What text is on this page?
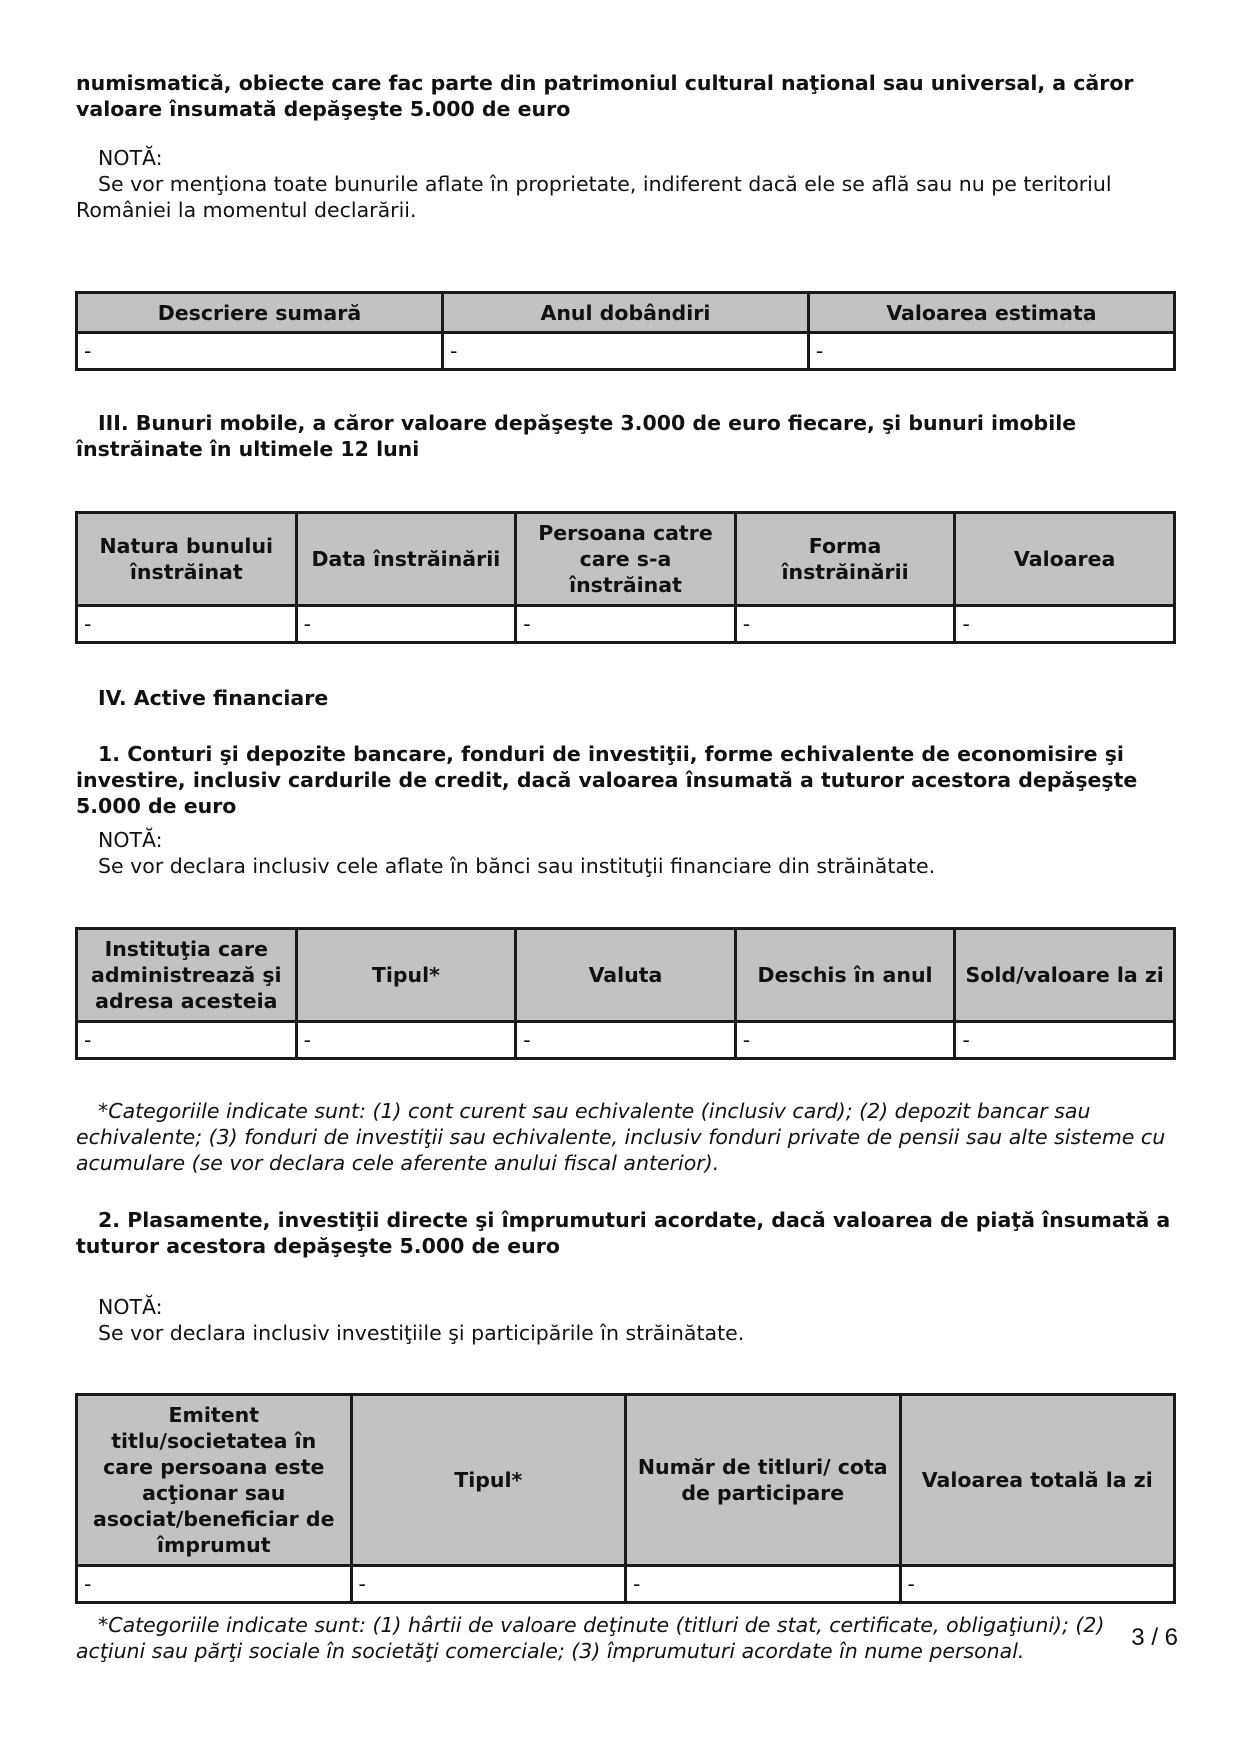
numismatică, obiecte care fac parte din patrimoniul cultural naţional sau universal, a căror valoare însumată depăşeşte 5.000 de euro
NOTĂ:
Se vor menţiona toate bunurile aflate în proprietate, indiferent dacă ele se află sau nu pe teritoriul României la momentul declarării.
Descriere sumară	Anul dobândiri	Valoarea estimata
-	-	-
III. Bunuri mobile, a căror valoare depăşeşte 3.000 de euro fiecare, şi bunuri imobile înstrăinate în ultimele 12 luni
Natura bunului înstrăinat	Data înstrăinării	Persoana catre care s-a înstrăinat	Forma înstrăinării	Valoarea
-	-	-	-	-
IV. Active financiare
1. Conturi şi depozite bancare, fonduri de investiţii, forme echivalente de economisire şi investire, inclusiv cardurile de credit, dacă valoarea însumată a tuturor acestora depăşeşte 5.000 de euro
NOTĂ:
Se vor declara inclusiv cele aflate în bănci sau instituţii financiare din străinătate.
Instituţia care administrează şi adresa acesteia	Tipul*	Valuta	Deschis în anul	Sold/valoare la zi
-	-	-	-	-
*Categoriile indicate sunt: (1) cont curent sau echivalente (inclusiv card); (2) depozit bancar sau echivalente; (3) fonduri de investiţii sau echivalente, inclusiv fonduri private de pensii sau alte sisteme cu acumulare (se vor declara cele aferente anului fiscal anterior).
2. Plasamente, investiţii directe şi împrumuturi acordate, dacă valoarea de piaţă însumată a tuturor acestora depăşeşte 5.000 de euro
NOTĂ:
Se vor declara inclusiv investiţiile şi participările în străinătate.
Emitent titlu/societatea în care persoana este acţionar sau asociat/beneficiar de împrumut	Tipul*	Număr de titluri/ cota de participare	Valoarea totală la zi
-	-	-	-
*Categoriile indicate sunt: (1) hârtii de valoare deţinute (titluri de stat, certificate, obligaţiuni); (2) acţiuni sau părţi sociale în societăţi comerciale; (3) împrumuturi acordate în nume personal.	3 / 6
